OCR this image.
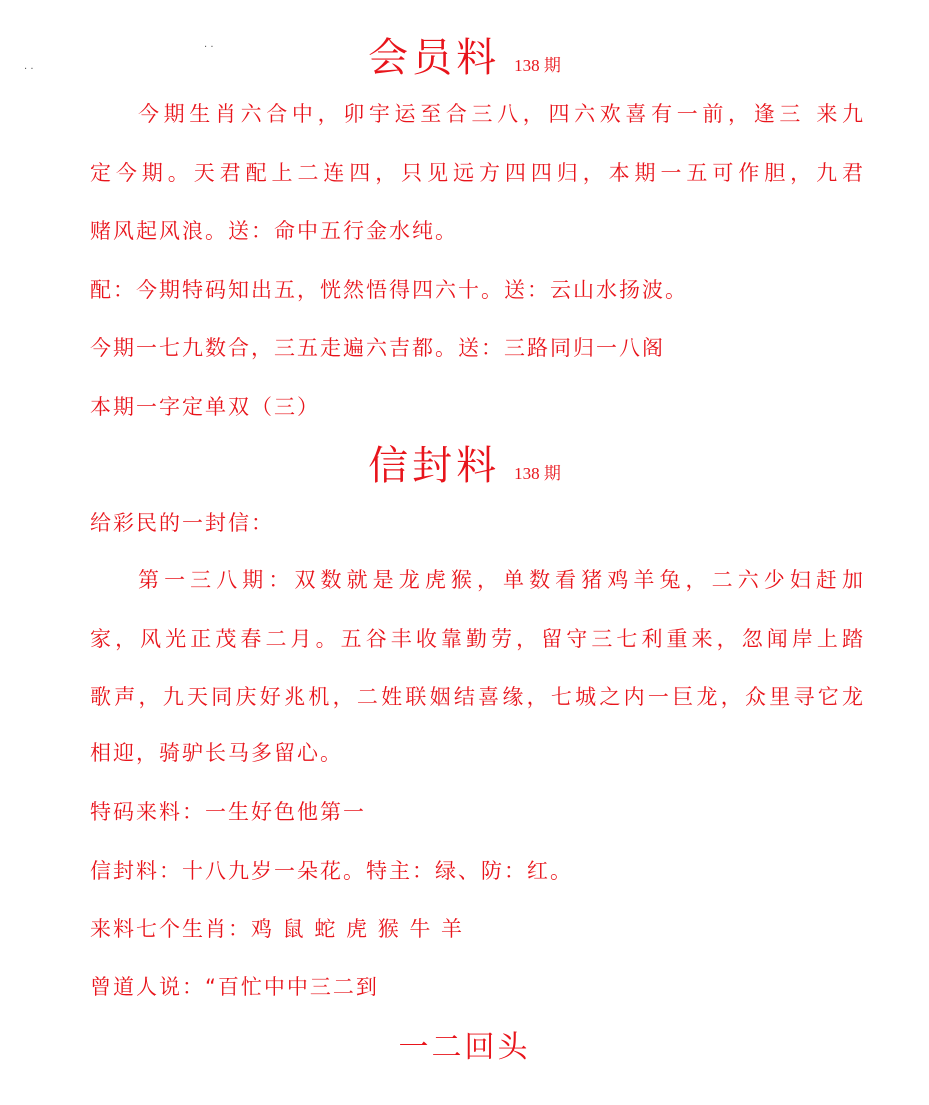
· ·
· ·	会员料 138 期
今期生肖六合中，卯宇运至合三八，四六欢喜有一前，逢三 来九
定今期。天君配上二连四，只见远方四四归，本期一五可作胆，九君
赌风起风浪。送：命中五行金水纯。
配：今期特码知出五，恍然悟得四六十。送：云山水扬波。
今期一七九数合，三五走遍六吉都。送：三路同归一八阁
本期一字定单双（三）
信封料 138 期
给彩民的一封信：
第一三八期：双数就是龙虎猴，单数看猪鸡羊兔，二六少妇赶加
家，风光正茂春二月。五谷丰收靠勤劳，留守三七利重来，忽闻岸上踏
歌声，九天同庆好兆机，二姓联姻结喜缘，七城之内一巨龙，众里寻它龙
相迎，骑驴长马多留心。
特码来料：一生好色他第一
信封料：十八九岁一朵花。特主：绿、防：红。
来料七个生肖：鸡 鼠 蛇 虎 猴 牛 羊
曾道人说：“百忙中中三二到
一二回头
